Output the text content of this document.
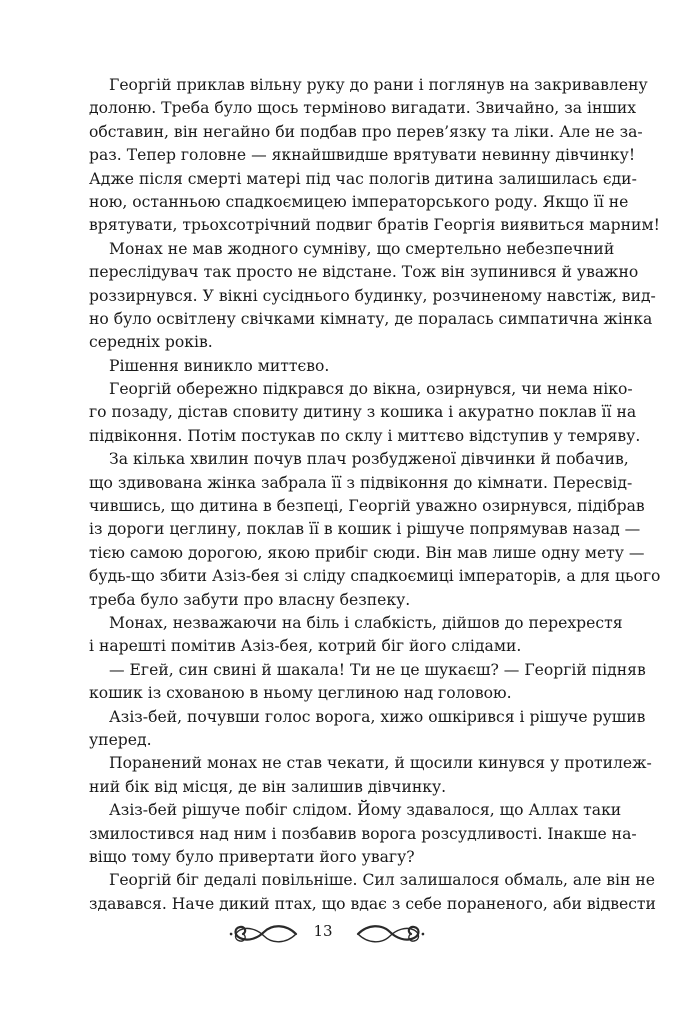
Георгій приклав вільну руку до рани і поглянув на закривавлену
долоню. Треба було щось терміново вигадати. Звичайно, за інших
обставин, він негайно би подбав про перев’язку та ліки. Але не за-
раз. Тепер головне — якнайшвидше врятувати невинну дівчинку!
Адже після смерті матері під час пологів дитина залишилась єди-
ною, останньою спадкоємицею імператорського роду. Якщо її не
врятувати, трьохсотрічний подвиг братів Георгія виявиться марним!
Монах не мав жодного сумніву, що смертельно небезпечний
переслідувач так просто не відстане. Тож він зупинився й уважно
роззирнувся. У вікні сусіднього будинку, розчиненому навстіж, вид-
но було освітлену свічками кімнату, де поралась симпатична жінка
середніх років.
Рішення виникло миттєво.
Георгій обережно підкрався до вікна, озирнувся, чи нема ніко-
го позаду, дістав сповиту дитину з кошика і акуратно поклав її на
підвіконня. Потім постукав по склу і миттєво відступив у темряву.
За кілька хвилин почув плач розбудженої дівчинки й побачив,
що здивована жінка забрала її з підвіконня до кімнати. Пересвід-
чившись, що дитина в безпеці, Георгій уважно озирнувся, підібрав
із дороги цеглину, поклав її в кошик і рішуче попрямував назад —
тією самою дорогою, якою прибіг сюди. Він мав лише одну мету —
будь-що збити Азіз-бея зі сліду спадкоємиці імператорів, а для цього
треба було забути про власну безпеку.
Монах, незважаючи на біль і слабкість, дійшов до перехрестя
і нарешті помітив Азіз-бея, котрий біг його слідами.
— Егей, син свині й шакала! Ти не це шукаєш? — Георгій підняв
кошик із схованою в ньому цеглиною над головою.
Азіз-бей, почувши голос ворога, хижо ошкірився і рішуче рушив
уперед.
Поранений монах не став чекати, й щосили кинувся у протилеж-
ний бік від місця, де він залишив дівчинку.
Азіз-бей рішуче побіг слідом. Йому здавалося, що Аллах таки
змилостився над ним і позбавив ворога розсудливості. Інакше на-
віщо тому було привертати його увагу?
Георгій біг дедалі повільніше. Сил залишалося обмаль, але він не
здавався. Наче дикий птах, що вдає з себе пораненого, аби відвести
13
